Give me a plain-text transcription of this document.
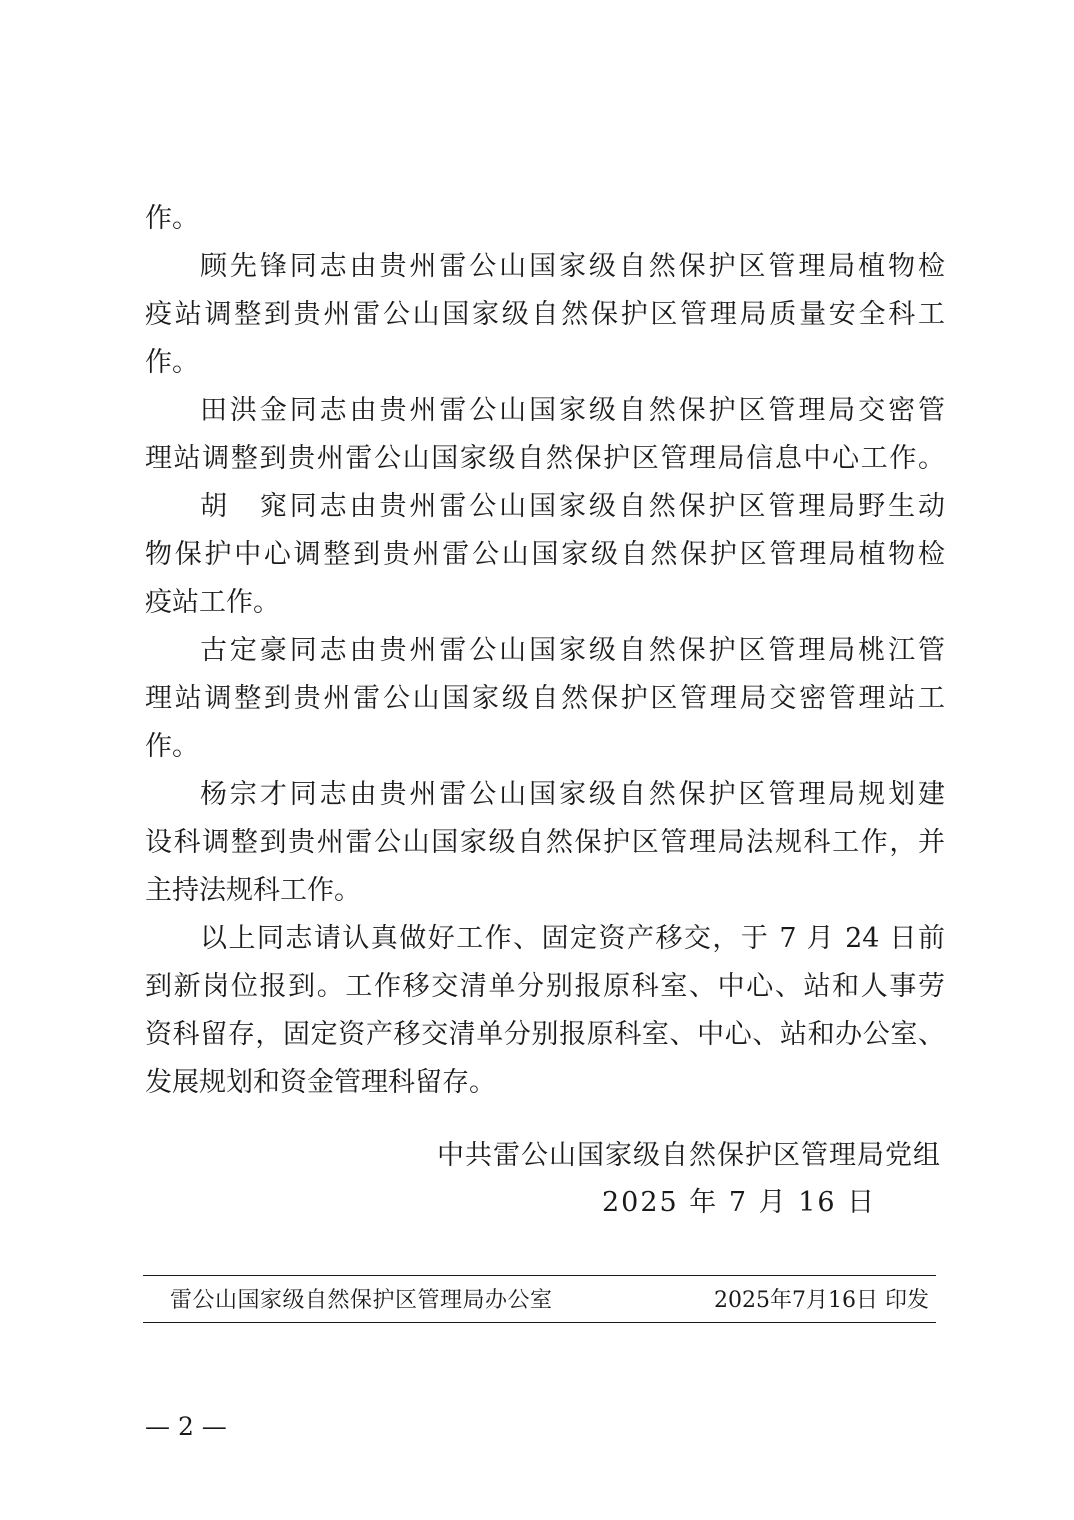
作。
顾先锋同志由贵州雷公山国家级自然保护区管理局植物检
疫站调整到贵州雷公山国家级自然保护区管理局质量安全科工
作。
田洪金同志由贵州雷公山国家级自然保护区管理局交密管
理站调整到贵州雷公山国家级自然保护区管理局信息中心工作。
胡　窕同志由贵州雷公山国家级自然保护区管理局野生动
物保护中心调整到贵州雷公山国家级自然保护区管理局植物检
疫站工作。
古定豪同志由贵州雷公山国家级自然保护区管理局桃江管
理站调整到贵州雷公山国家级自然保护区管理局交密管理站工
作。
杨宗才同志由贵州雷公山国家级自然保护区管理局规划建
设科调整到贵州雷公山国家级自然保护区管理局法规科工作，并
主持法规科工作。
以上同志请认真做好工作、固定资产移交，于 7 月 24 日前
到新岗位报到。工作移交清单分别报原科室、中心、站和人事劳
资科留存，固定资产移交清单分别报原科室、中心、站和办公室、
发展规划和资金管理科留存。
中共雷公山国家级自然保护区管理局党组
2025 年 7 月 16 日
雷公山国家级自然保护区管理局办公室	2025年7月16日 印发
— 2 —
